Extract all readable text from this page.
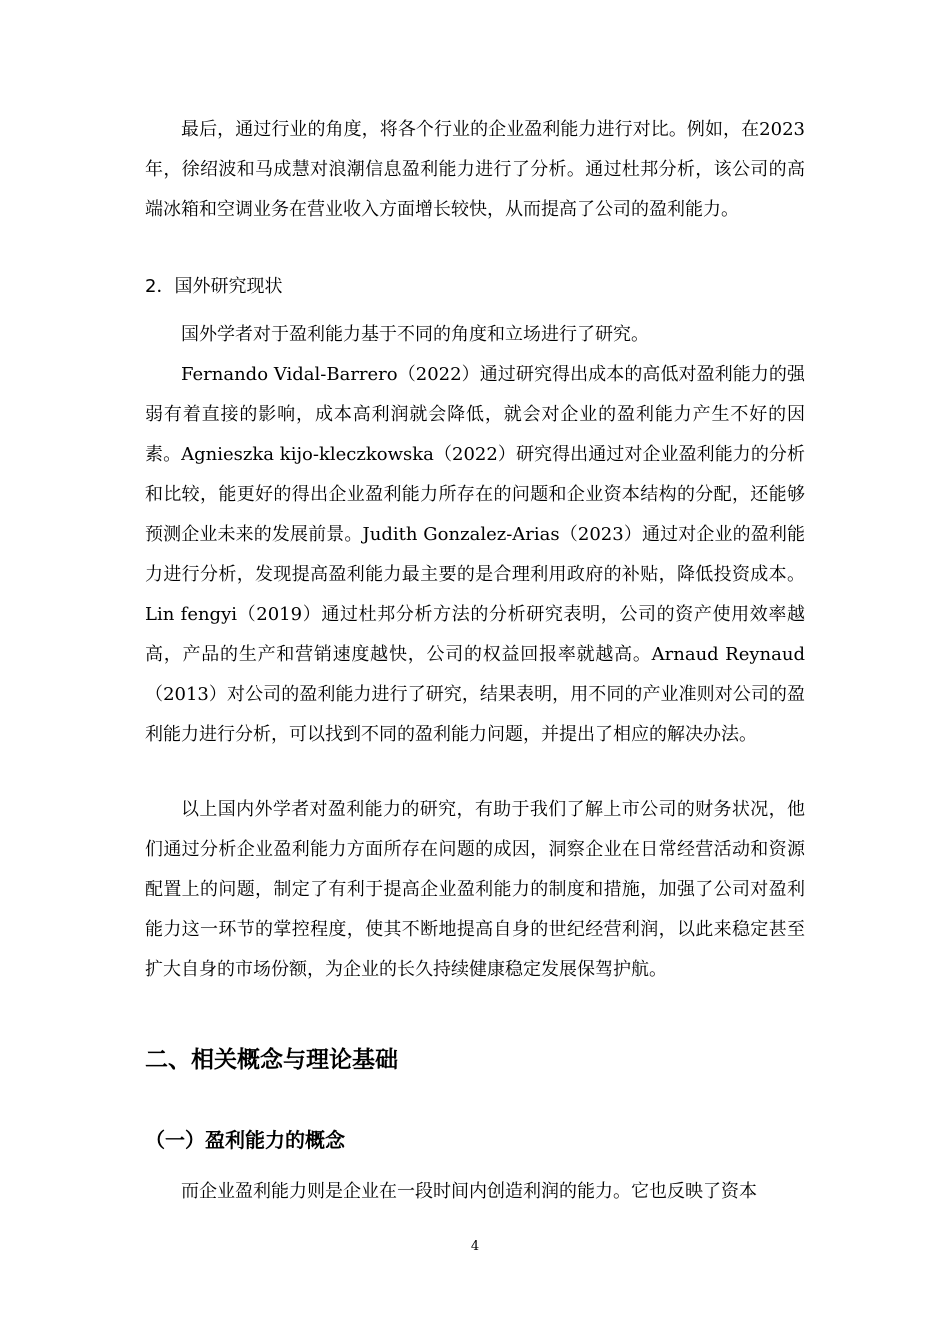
最后，通过行业的角度，将各个行业的企业盈利能力进行对比。例如，在2023年，徐绍波和马成慧对浪潮信息盈利能力进行了分析。通过杜邦分析，该公司的高端冰箱和空调业务在营业收入方面增长较快，从而提高了公司的盈利能力。

2．国外研究现状

国外学者对于盈利能力基于不同的角度和立场进行了研究。

Fernando Vidal-Barrero（2022）通过研究得出成本的高低对盈利能力的强弱有着直接的影响，成本高利润就会降低，就会对企业的盈利能力产生不好的因素。Agnieszka kijo-kleczkowska（2022）研究得出通过对企业盈利能力的分析和比较，能更好的得出企业盈利能力所存在的问题和企业资本结构的分配，还能够预测企业未来的发展前景。Judith Gonzalez-Arias（2023）通过对企业的盈利能力进行分析，发现提高盈利能力最主要的是合理利用政府的补贴，降低投资成本。Lin fengyi（2019）通过杜邦分析方法的分析研究表明，公司的资产使用效率越高，产品的生产和营销速度越快，公司的权益回报率就越高。Arnaud Reynaud （2013）对公司的盈利能力进行了研究，结果表明，用不同的产业准则对公司的盈利能力进行分析，可以找到不同的盈利能力问题，并提出了相应的解决办法。

以上国内外学者对盈利能力的研究，有助于我们了解上市公司的财务状况，他们通过分析企业盈利能力方面所存在问题的成因，洞察企业在日常经营活动和资源配置上的问题，制定了有利于提高企业盈利能力的制度和措施，加强了公司对盈利能力这一环节的掌控程度，使其不断地提高自身的世纪经营利润，以此来稳定甚至扩大自身的市场份额，为企业的长久持续健康稳定发展保驾护航。

二、相关概念与理论基础
（一）盈利能力的概念

而企业盈利能力则是企业在一段时间内创造利润的能力。它也反映了资本

4
